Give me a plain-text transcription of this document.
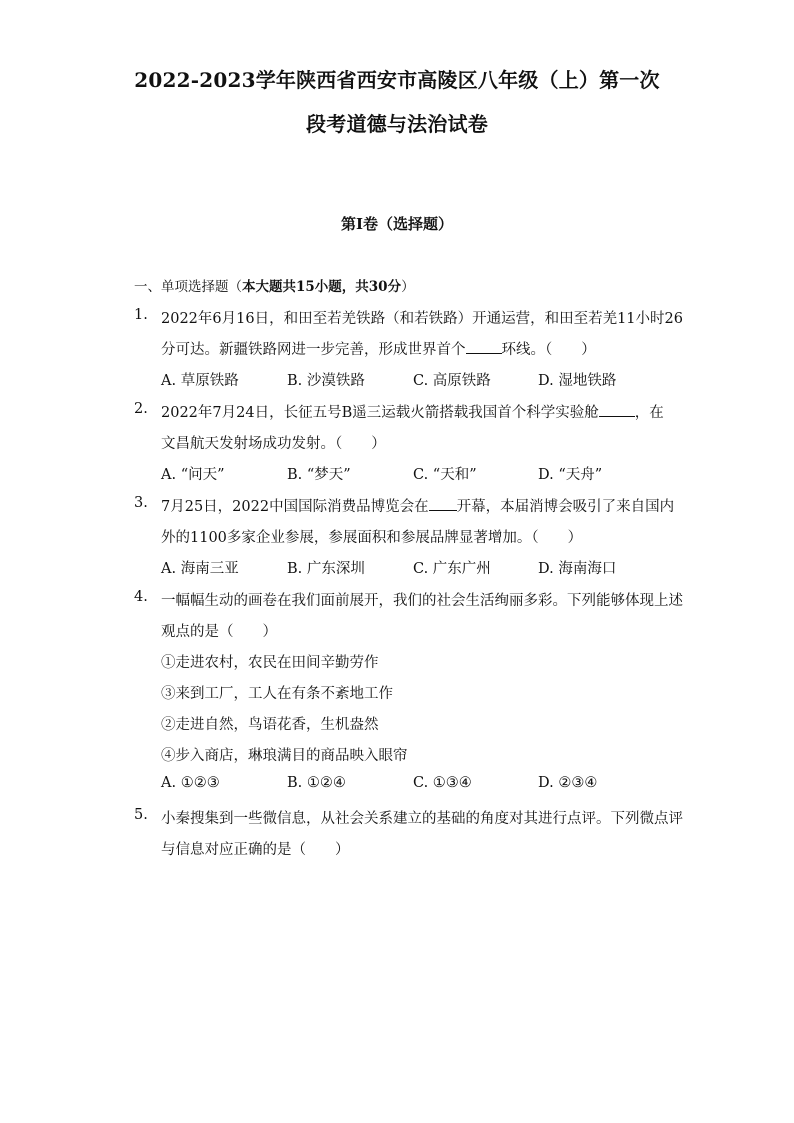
2022-2023学年陕西省西安市高陵区八年级（上）第一次
段考道德与法治试卷
第I卷（选择题）
一、单项选择题（本大题共15小题，共30分）
1. 2022年6月16日，和田至若羌铁路（和若铁路）开通运营，和田至若羌11小时26
分可达。新疆铁路网进一步完善，形成世界首个 环线。（　　）
A. 草原铁路	B. 沙漠铁路	C. 高原铁路	D. 湿地铁路
2. 2022年7月24日，长征五号B遥三运载火箭搭载我国首个科学实验舱 ，在
文昌航天发射场成功发射。（　　）
A. “问天”	B. “梦天”	C. “天和”	D. “天舟”
3. 7月25日，2022中国国际消费品博览会在 开幕，本届消博会吸引了来自国内
外的1100多家企业参展，参展面积和参展品牌显著增加。（　　）
A. 海南三亚	B. 广东深圳	C. 广东广州	D. 海南海口
4. 一幅幅生动的画卷在我们面前展开，我们的社会生活绚丽多彩。下列能够体现上述
观点的是（　　）
①走进农村，农民在田间辛勤劳作
③来到工厂，工人在有条不紊地工作
②走进自然，鸟语花香，生机盎然
④步入商店，琳琅满目的商品映入眼帘
A. ①②③	B. ①②④	C. ①③④	D. ②③④
5. 小秦搜集到一些微信息，从社会关系建立的基础的角度对其进行点评。下列微点评
与信息对应正确的是（　　）
